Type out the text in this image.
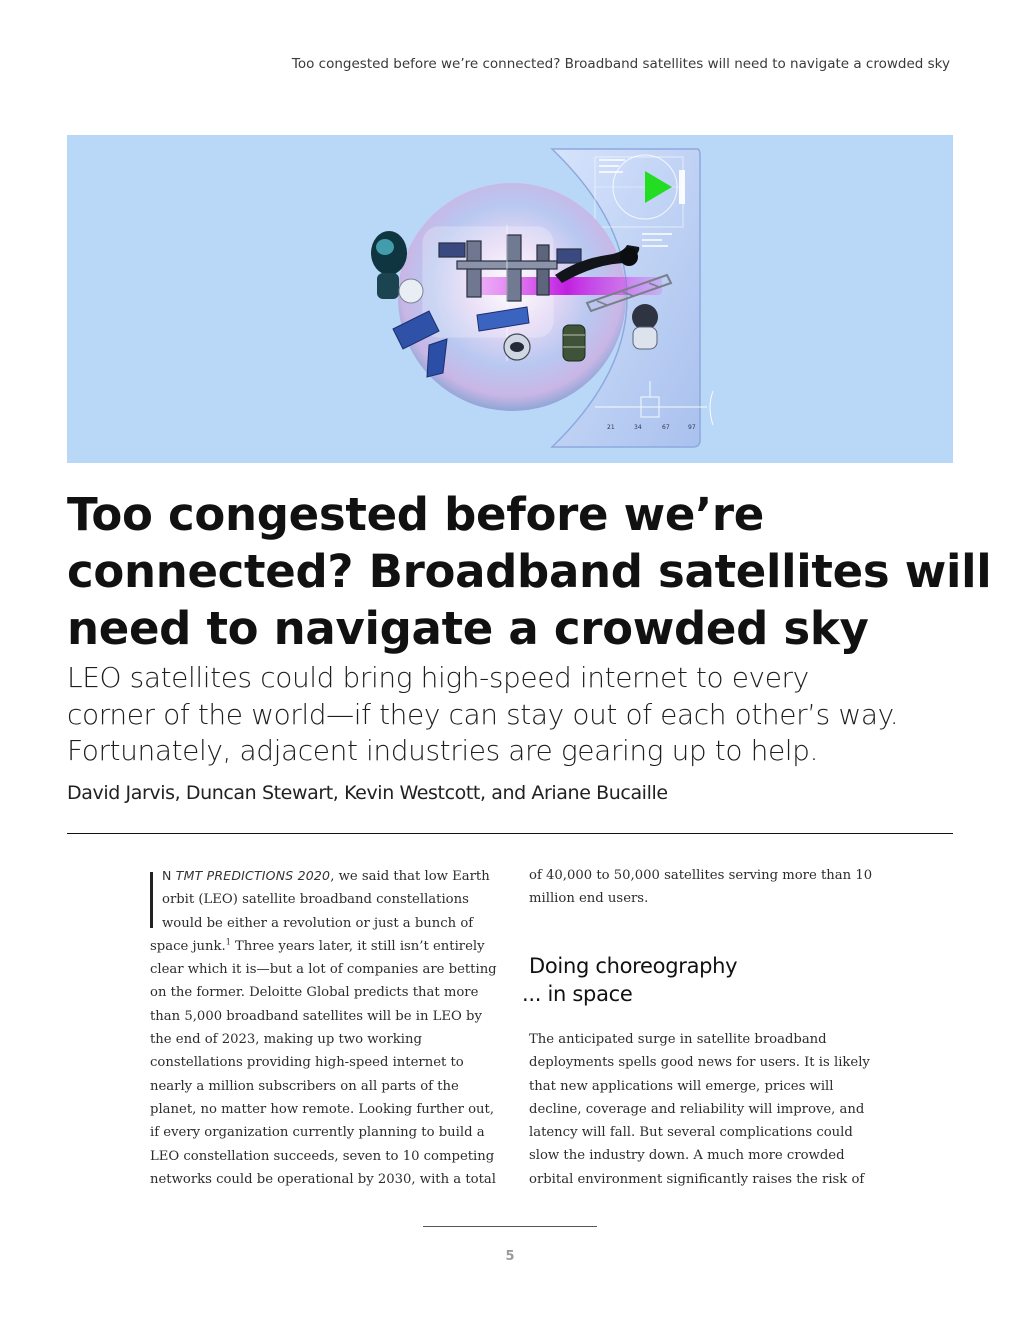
Too congested before we’re connected? Broadband satellites will need to navigate a crowded sky
21	34	67	97
Too congested before we’re
connected? Broadband satellites will
need to navigate a crowded sky

LEO satellites could bring high-speed internet to every
corner of the world—if they can stay out of each other’s way.
Fortunately, adjacent industries are gearing up to help.

David Jarvis, Duncan Stewart, Kevin Westcott, and Ariane Bucaille

N TMT PREDICTIONS 2020, we said that low Earth
orbit (LEO) satellite broadband constellations
would be either a revolution or just a bunch of
space junk.$^1$ Three years later, it still isn’t entirely
clear which it is—but a lot of companies are betting
on the former. Deloitte Global predicts that more
than 5,000 broadband satellites will be in LEO by
the end of 2023, making up two working
constellations providing high-speed internet to
nearly a million subscribers on all parts of the
planet, no matter how remote. Looking further out,
if every organization currently planning to build a
LEO constellation succeeds, seven to 10 competing
networks could be operational by 2030, with a total
of 40,000 to 50,000 satellites serving more than 10
million end users.
Doing choreography
... in space
The anticipated surge in satellite broadband
deployments spells good news for users. It is likely
that new applications will emerge, prices will
decline, coverage and reliability will improve, and
latency will fall. But several complications could
slow the industry down. A much more crowded
orbital environment significantly raises the risk of
5
